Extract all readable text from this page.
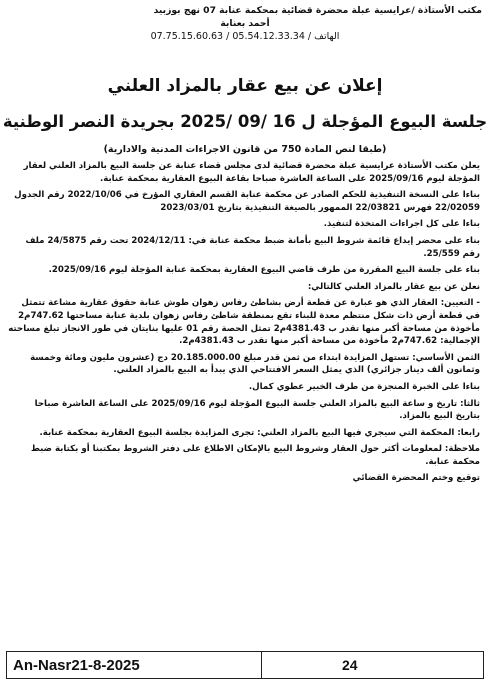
مكتب الأستاذة /عرايسية عبلة محضرة قضائية بمحكمة عنابة 07 نهج بوزبيد
أحمد بعنابة
الهاتف / 05.54.12.33.34 / 07.75.15.60.63
إعلان عن بيع عقار بالمزاد العلني
جلسة البيوع المؤجلة ل 16 /09 /2025 بجريدة النصر الوطنية
(طبقا لنص المادة 750 من قانون الاجراءات المدنية والادارية)

يعلن مكتب الأستاذة عرايسية عبلة محضرة قضائية لدى مجلس قضاء عنابة عن جلسة البيع بالمزاد العلني لعقار المؤجلة ليوم 2025/09/16 على الساعة العاشرة صباحا بقاعة البيوع العقارية بمحكمة عنابة.

بناءا على النسخة التنفيذية للحكم الصادر عن محكمة عنابة القسم العقاري المؤرخ في 2022/10/06 رقم الجدول 22/02059 فهرس 22/03821 الممهور بالصيغة التنفيذية بتاريخ 2023/03/01

بناءا على كل اجراءات المتخذة لتنفيذ.

بناء على محضر إيداع قائمة شروط البيع بأمانة ضبط محكمة عنابة في: 2024/12/11 تحت رقم 24/5875 ملف رقم 25/559.

بناء على جلسة البيع المقررة من طرف قاضي البيوع العقارية بمحكمة عنابة المؤجلة ليوم 2025/09/16.

نعلن عن بيع عقار بالمزاد العلني كالتالي:

- التعيين: العقار الذي هو عبارة عن قطعة أرض بشاطئ رفاس زهوان طوش عنابة حقوق عقارية مشاعة تتمثل في قطعة أرض ذات شكل منتظم معدة للبناء تقع بمنطقة شاطئ رفاس زهوان بلدية عنابة مساحتها 747.62م2 مأخوذة من مساحة أكبر منها تقدر ب 4381.43م2 تمثل الحصة رقم 01 عليها بنايتان في طور الانجاز تبلغ مساحته الإجمالية: 747.62م2 مأخوذة من مساحة أكبر منها تقدر ب 4381.43م2.

الثمن الأساسي: تستهل المزايدة ابتداء من ثمن قدر مبلغ 20.185.000.00 دج (عشرون مليون ومائة وخمسة وثمانون ألف دينار جزائري) الذي يمثل السعر الافتتاحي الذي يبدأ به البيع بالمزاد العلني.

بناءا على الخبرة المنجزة من طرف الخبير عطوي كمال.

ثالثا: تاريخ و ساعة البيع بالمزاد العلني جلسة البيوع المؤجلة ليوم 2025/09/16 على الساعة العاشرة صباحا بتاريخ البيع بالمزاد.

رابعا: المحكمة التي سيجري فيها البيع بالمزاد العلني: تجرى المزايدة بجلسة البيوع العقارية بمحكمة عنابة.

ملاحظة: لمعلومات أكثر حول العقار وشروط البيع بالإمكان الاطلاع على دفتر الشروط بمكتبنا أو بكتابة ضبط محكمة عنابة.

توقيع وختم المحضرة القضائي

An-Nasr21-8-2025	24
